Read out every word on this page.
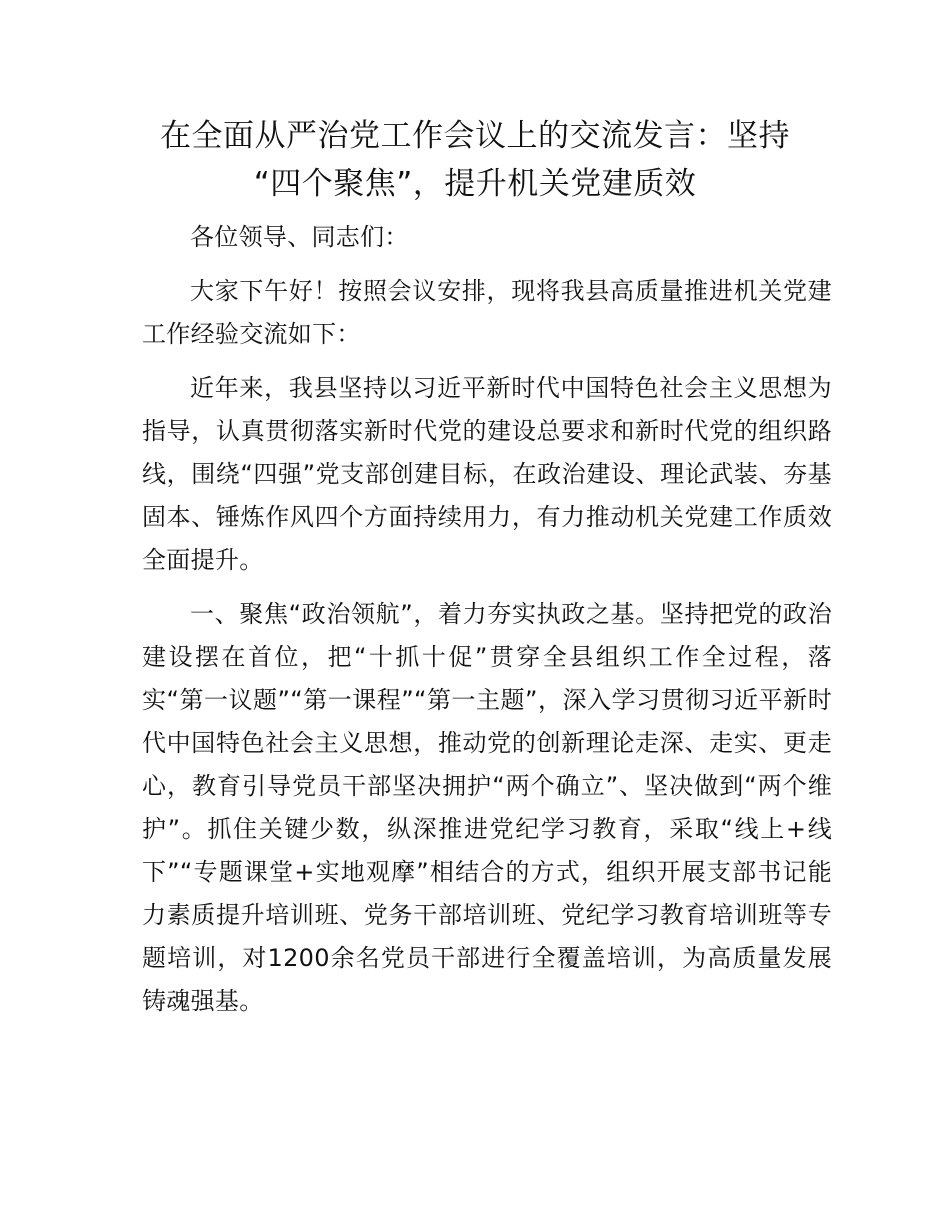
在全面从严治党工作会议上的交流发言：坚持
“四个聚焦”，提升机关党建质效

各位领导、同志们：

大家下午好！按照会议安排，现将我县高质量推进机关党建工作经验交流如下：

近年来，我县坚持以习近平新时代中国特色社会主义思想为指导，认真贯彻落实新时代党的建设总要求和新时代党的组织路线，围绕“四强”党支部创建目标，在政治建设、理论武装、夯基固本、锤炼作风四个方面持续用力，有力推动机关党建工作质效全面提升。

一、聚焦“政治领航”，着力夯实执政之基。坚持把党的政治建设摆在首位，把“十抓十促”贯穿全县组织工作全过程，落实“第一议题”“第一课程”“第一主题”，深入学习贯彻习近平新时代中国特色社会主义思想，推动党的创新理论走深、走实、更走心，教育引导党员干部坚决拥护“两个确立”、坚决做到“两个维护”。抓住关键少数，纵深推进党纪学习教育，采取“线上+线下”“专题课堂+实地观摩”相结合的方式，组织开展支部书记能力素质提升培训班、党务干部培训班、党纪学习教育培训班等专题培训，对1200余名党员干部进行全覆盖培训，为高质量发展铸魂强基。
